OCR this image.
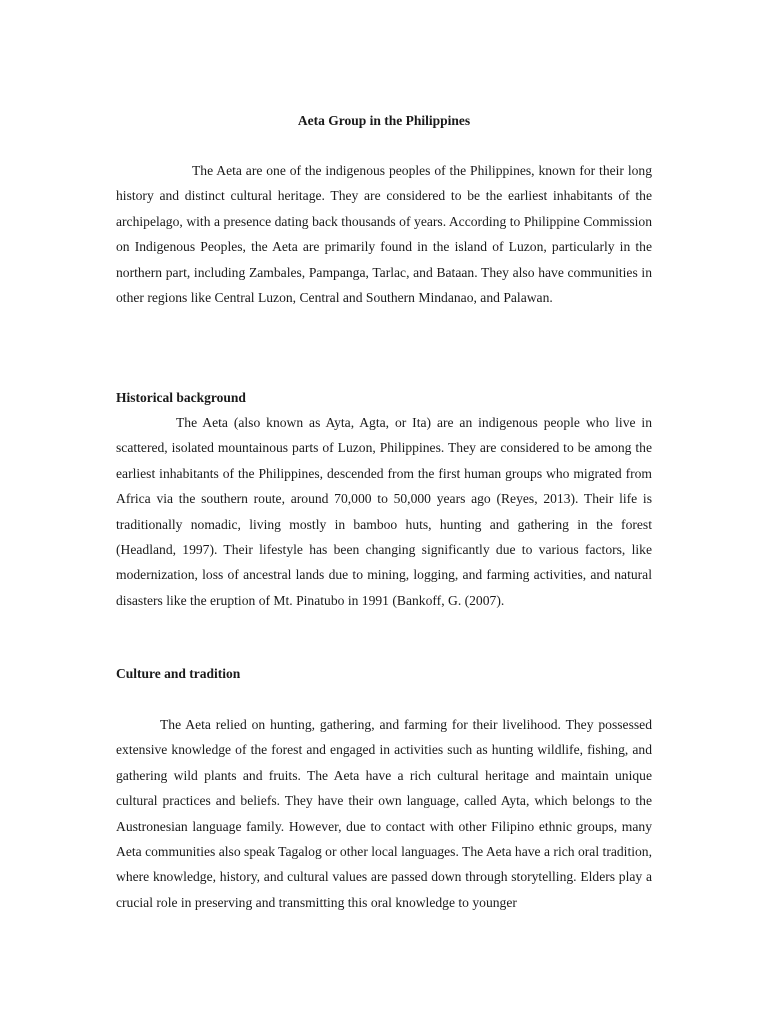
Aeta Group in the Philippines

The Aeta are one of the indigenous peoples of the Philippines, known for their long history and distinct cultural heritage. They are considered to be the earliest inhabitants of the archipelago, with a presence dating back thousands of years. According to Philippine Commission on Indigenous Peoples, the Aeta are primarily found in the island of Luzon, particularly in the northern part, including Zambales, Pampanga, Tarlac, and Bataan. They also have communities in other regions like Central Luzon, Central and Southern Mindanao, and Palawan.

Historical background

The Aeta (also known as Ayta, Agta, or Ita) are an indigenous people who live in scattered, isolated mountainous parts of Luzon, Philippines. They are considered to be among the earliest inhabitants of the Philippines, descended from the first human groups who migrated from Africa via the southern route, around 70,000 to 50,000 years ago (Reyes, 2013). Their life is traditionally nomadic, living mostly in bamboo huts, hunting and gathering in the forest (Headland, 1997). Their lifestyle has been changing significantly due to various factors, like modernization, loss of ancestral lands due to mining, logging, and farming activities, and natural disasters like the eruption of Mt. Pinatubo in 1991 (Bankoff, G. (2007).

Culture and tradition

The Aeta relied on hunting, gathering, and farming for their livelihood. They possessed extensive knowledge of the forest and engaged in activities such as hunting wildlife, fishing, and gathering wild plants and fruits. The Aeta have a rich cultural heritage and maintain unique cultural practices and beliefs. They have their own language, called Ayta, which belongs to the Austronesian language family. However, due to contact with other Filipino ethnic groups, many Aeta communities also speak Tagalog or other local languages. The Aeta have a rich oral tradition, where knowledge, history, and cultural values are passed down through storytelling. Elders play a crucial role in preserving and transmitting this oral knowledge to younger
